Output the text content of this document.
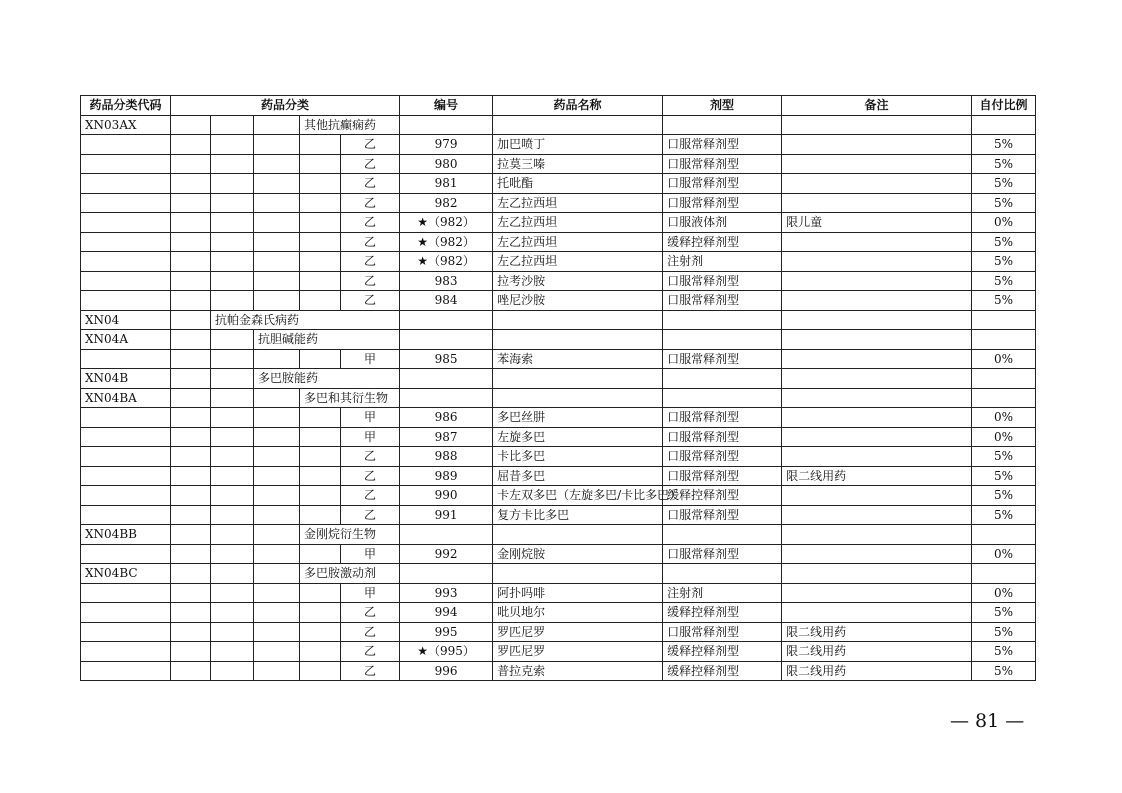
药品分类代码	药品分类					编号	药品名称	剂型	备注	自付比例
XN03AX				其他抗癫痫药						
					乙	979	加巴喷丁	口服常释剂型		5%
					乙	980	拉莫三嗪	口服常释剂型		5%
					乙	981	托吡酯	口服常释剂型		5%
					乙	982	左乙拉西坦	口服常释剂型		5%
					乙	★（982）	左乙拉西坦	口服液体剂	限儿童	0%
					乙	★（982）	左乙拉西坦	缓释控释剂型		5%
					乙	★（982）	左乙拉西坦	注射剂		5%
					乙	983	拉考沙胺	口服常释剂型		5%
					乙	984	唑尼沙胺	口服常释剂型		5%
XN04		抗帕金森氏病药								
XN04A			抗胆碱能药							
					甲	985	苯海索	口服常释剂型		0%
XN04B			多巴胺能药							
XN04BA				多巴和其衍生物						
					甲	986	多巴丝肼	口服常释剂型		0%
					甲	987	左旋多巴	口服常释剂型		0%
					乙	988	卡比多巴	口服常释剂型		5%
					乙	989	屈昔多巴	口服常释剂型	限二线用药	5%
					乙	990	卡左双多巴（左旋多巴/卡比多巴）	缓释控释剂型		5%
					乙	991	复方卡比多巴	口服常释剂型		5%
XN04BB				金刚烷衍生物						
					甲	992	金刚烷胺	口服常释剂型		0%
XN04BC				多巴胺激动剂						
					甲	993	阿扑吗啡	注射剂		0%
					乙	994	吡贝地尔	缓释控释剂型		5%
					乙	995	罗匹尼罗	口服常释剂型	限二线用药	5%
					乙	★（995）	罗匹尼罗	缓释控释剂型	限二线用药	5%
					乙	996	普拉克索	缓释控释剂型	限二线用药	5%
— 81 —
